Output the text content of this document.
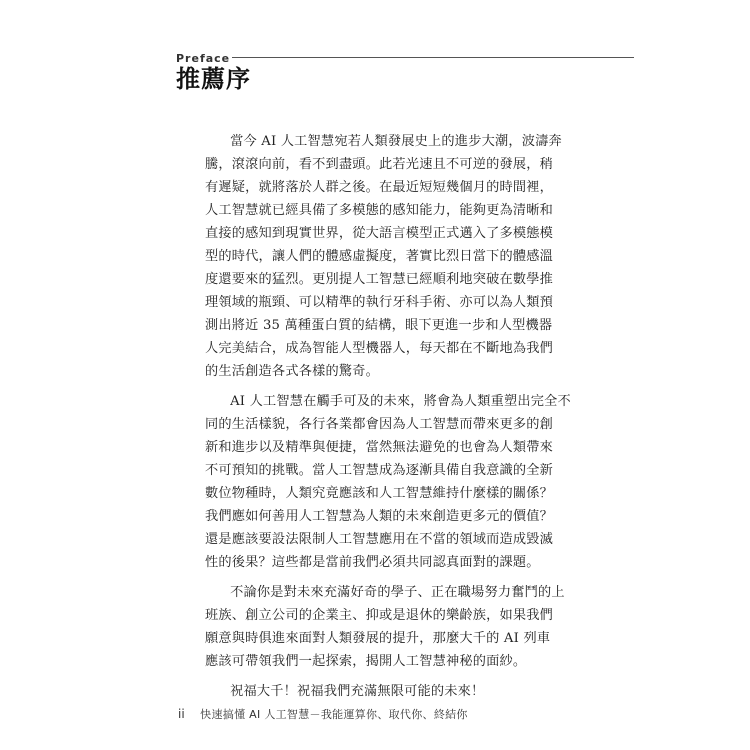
Preface
推薦序

當今 AI 人工智慧宛若人類發展史上的進步大潮，波濤奔
騰，滾滾向前，看不到盡頭。此若光速且不可逆的發展，稍
有遲疑，就將落於人群之後。在最近短短幾個月的時間裡，
人工智慧就已經具備了多模態的感知能力，能夠更為清晰和
直接的感知到現實世界，從大語言模型正式邁入了多模態模
型的時代，讓人們的體感虛擬度，著實比烈日當下的體感溫
度還要來的猛烈。更別提人工智慧已經順利地突破在數學推
理領域的瓶頸、可以精準的執行牙科手術、亦可以為人類預
測出將近 35 萬種蛋白質的結構，眼下更進一步和人型機器
人完美結合，成為智能人型機器人，每天都在不斷地為我們
的生活創造各式各樣的驚奇。

AI 人工智慧在觸手可及的未來，將會為人類重塑出完全不
同的生活樣貌，各行各業都會因為人工智慧而帶來更多的創
新和進步以及精準與便捷，當然無法避免的也會為人類帶來
不可預知的挑戰。當人工智慧成為逐漸具備自我意識的全新
數位物種時，人類究竟應該和人工智慧維持什麼樣的關係？
我們應如何善用人工智慧為人類的未來創造更多元的價值？
還是應該要設法限制人工智慧應用在不當的領域而造成毀滅
性的後果？這些都是當前我們必須共同認真面對的課題。

不論你是對未來充滿好奇的學子、正在職場努力奮鬥的上
班族、創立公司的企業主、抑或是退休的樂齡族，如果我們
願意與時俱進來面對人類發展的提升，那麼大千的 AI 列車
應該可帶領我們一起探索，揭開人工智慧神秘的面紗。

祝福大千！祝福我們充滿無限可能的未來！

ii 快速搞懂 AI 人工智慧－我能運算你、取代你、終結你
